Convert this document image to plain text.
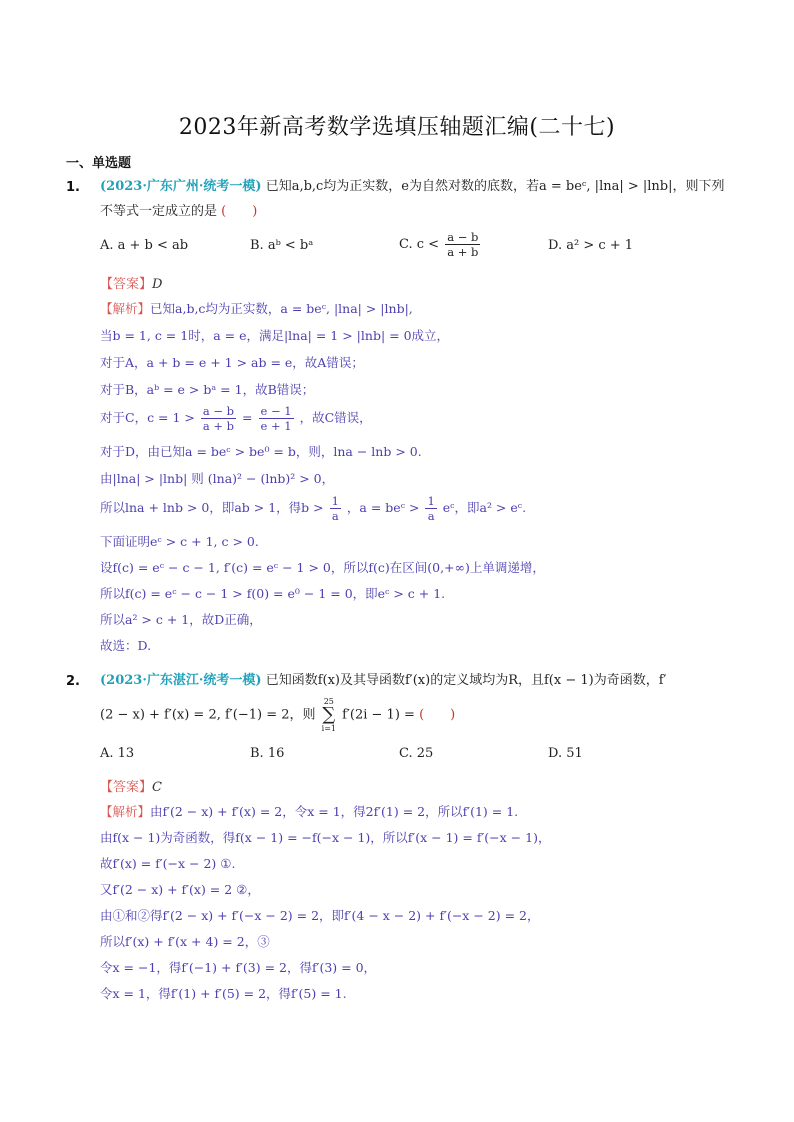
2023年新高考数学选填压轴题汇编(二十七)
一、单选题
1. (2023·广东广州·统考一模) 已知a,b,c均为正实数，e为自然对数的底数，若a = beᶜ, |lna| > |lnb|，则下列
不等式一定成立的是 (　　)
A. a + b < ab	B. aᵇ < bᵃ	C. $c < \frac{a - b}{a + b}$	D. a² > c + 1
【答案】D
【解析】已知a,b,c均为正实数，a = beᶜ, |lna| > |lnb|,
当b = 1, c = 1时，a = e，满足|lna| = 1 > |lnb| = 0成立，
对于A，a + b = e + 1 > ab = e，故A错误；
对于B，aᵇ = e > bᵃ = 1，故B错误；
对于C，$c = 1 > \frac{a - b}{a + b} = \frac{e - 1}{e + 1}$ ，故C错误，
对于D，由已知a = beᶜ > be⁰ = b，则，lna − lnb > 0.
由|lna| > |lnb| 则 (lna)² − (lnb)² > 0，
所以lna + lnb > 0，即ab > 1，得$b > \frac{1}{a}$ ，a = beᶜ > $\frac{1}{a}$ eᶜ，即a² > eᶜ.
下面证明eᶜ > c + 1, c > 0.
设f(c) = eᶜ − c − 1, f′(c) = eᶜ − 1 > 0，所以f(c)在区间(0,+∞)上单调递增，
所以f(c) = eᶜ − c − 1 > f(0) = e⁰ − 1 = 0，即eᶜ > c + 1.
所以a² > c + 1，故D正确，
故选：D.
2. (2023·广东湛江·统考一模) 已知函数f(x)及其导函数f′(x)的定义域均为R，且f(x − 1)为奇函数，f′
(2 − x) + f′(x) = 2, f′(−1) = 2，则 25
∑
i=1 f′(2i − 1) = (　　)
A. 13	B. 16	C. 25	D. 51
【答案】C
【解析】由f′(2 − x) + f′(x) = 2，令x = 1，得2f′(1) = 2，所以f′(1) = 1.
由f(x − 1)为奇函数，得f(x − 1) = −f(−x − 1)，所以f′(x − 1) = f′(−x − 1)，
故f′(x) = f′(−x − 2) ①.
又f′(2 − x) + f′(x) = 2 ②，
由①和②得f′(2 − x) + f′(−x − 2) = 2，即f′(4 − x − 2) + f′(−x − 2) = 2，
所以f′(x) + f′(x + 4) = 2，③
令x = −1，得f′(−1) + f′(3) = 2，得f′(3) = 0，
令x = 1，得f′(1) + f′(5) = 2，得f′(5) = 1.
